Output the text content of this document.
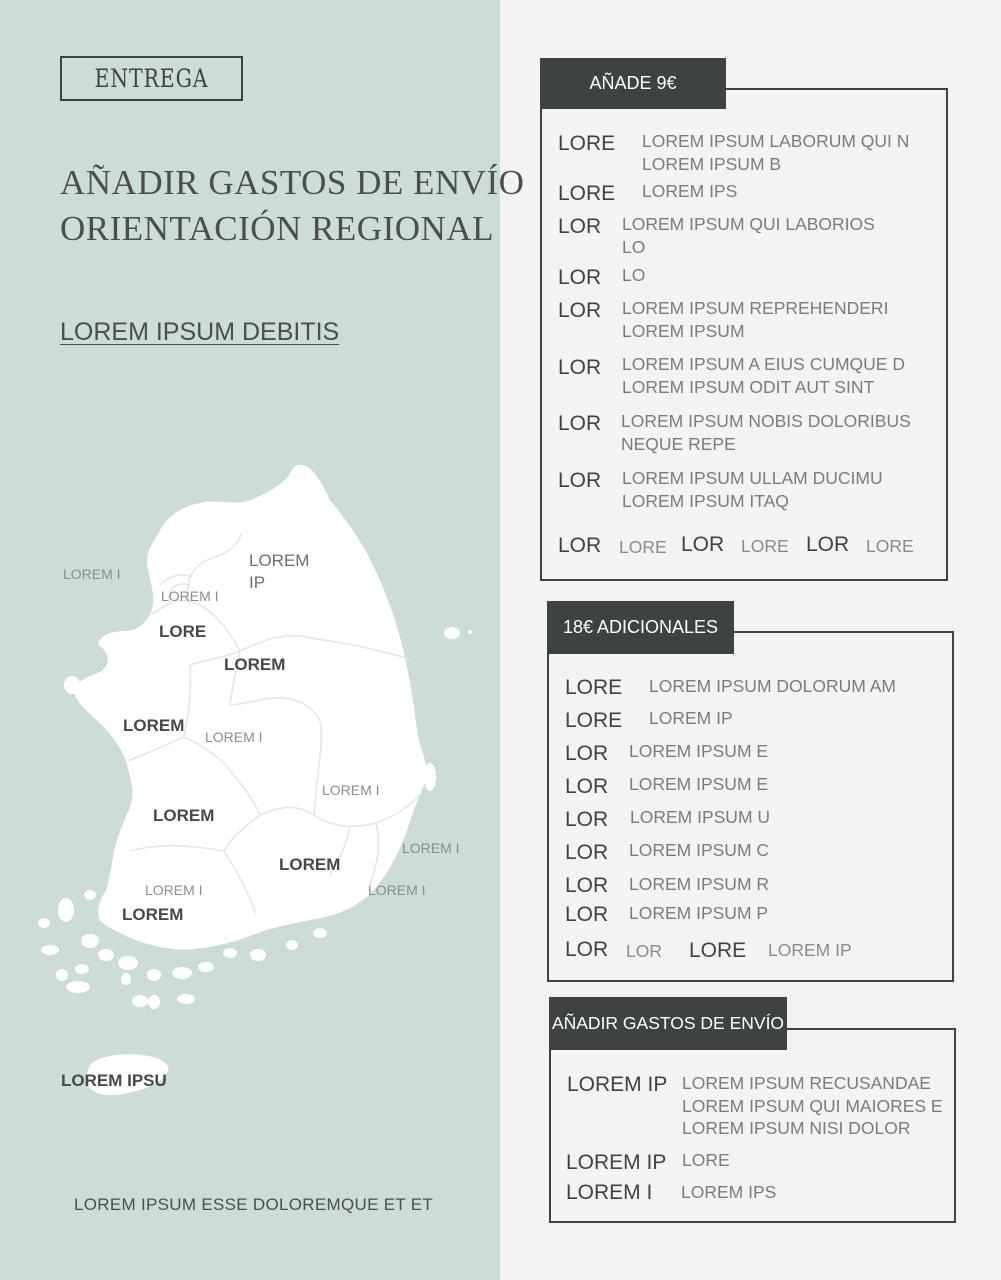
ENTREGA
AÑADIR GASTOS DE ENVÍO
ORIENTACIÓN REGIONAL
LOREM IPSUM DEBITIS
LOREM I
LOREM I
LOREM
IP
LORE
LOREM
LOREM
LOREM I
LOREM I
LOREM
LOREM I
LOREM
LOREM I	LOREM I
LOREM
LOREM IPSU
LOREM IPSUM ESSE DOLOREMQUE ET ET
AÑADE 9€
LORE LOREM IPSUM LABORUM QUI N
LOREM IPSUM B
LORE LOREM IPS
LOR LOREM IPSUM QUI LABORIOS
LO
LOR LO
LOR LOREM IPSUM REPREHENDERI
LOREM IPSUM
LOR LOREM IPSUM A EIUS CUMQUE D
LOREM IPSUM ODIT AUT SINT
LOR LOREM IPSUM NOBIS DOLORIBUS
NEQUE REPE
LOR LOREM IPSUM ULLAM DUCIMU
LOREM IPSUM ITAQ
LOR LORE LOR LORE LOR LORE
18€ ADICIONALES
LORE LOREM IPSUM DOLORUM AM
LORE LOREM IP
LOR LOREM IPSUM E
LOR LOREM IPSUM E
LOR LOREM IPSUM U
LOR LOREM IPSUM C
LOR LOREM IPSUM R
LOR LOREM IPSUM P
LOR LOR LORE LOREM IP
AÑADIR GASTOS DE ENVÍO
LOREM IP LOREM IPSUM RECUSANDAE
LOREM IPSUM QUI MAIORES E
LOREM IPSUM NISI DOLOR
LOREM IP LORE
LOREM I LOREM IPS
